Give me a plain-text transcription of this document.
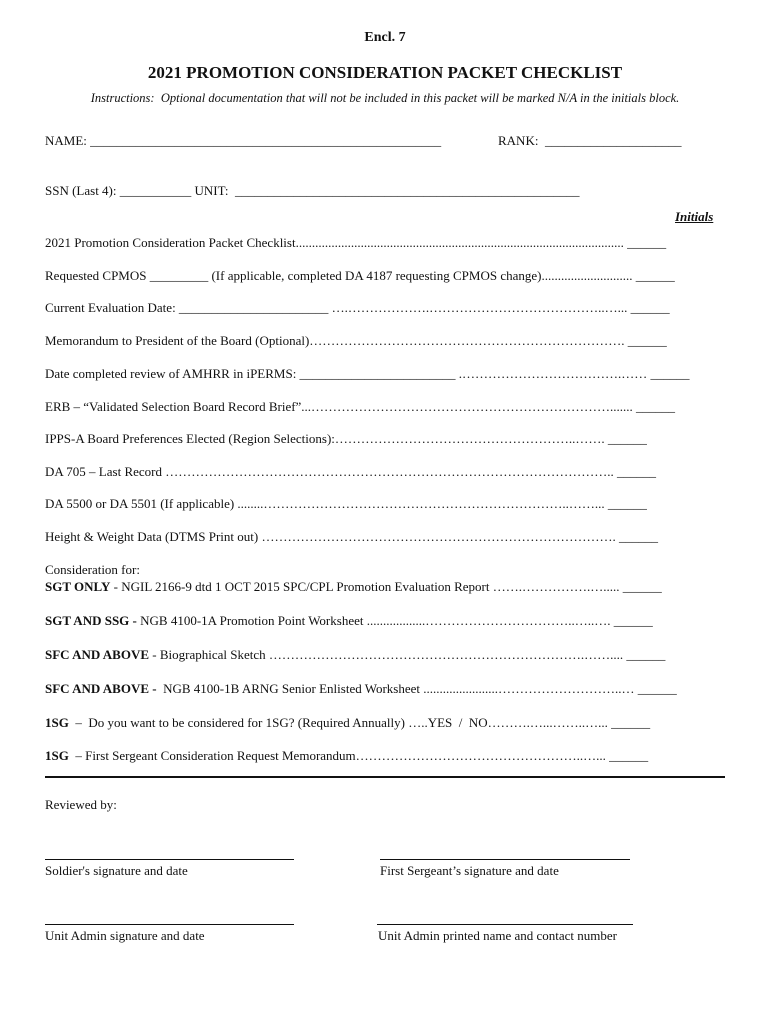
Encl. 7
2021 PROMOTION CONSIDERATION PACKET CHECKLIST
Instructions:  Optional documentation that will not be included in this packet will be marked N/A in the initials block.
NAME: ______________________________________________________	RANK:  _____________________
SSN (Last 4): ___________ UNIT:  _____________________________________________________
Initials
2021 Promotion Consideration Packet Checklist..................................................................................................... ______
Requested CPMOS _________ (If applicable, completed DA 4187 requesting CPMOS change)............................ ______
Current Evaluation Date: _______________________ ….……………….…………………………………..…... ______
Memorandum to President of the Board (Optional)………………………………………………………………. ______
Date completed review of AMHRR in iPERMS: ________________________ .……………………………….…… ______
ERB – “Validated Selection Board Record Brief”...……………………………………………………………....... ______
IPPS-A Board Preferences Elected (Region Selections):………………………………………………..……. ______
DA 705 – Last Record ………………………………………………………………………………………….. ______
DA 5500 or DA 5501 (If applicable) ........……………………………………………………………..……... ______
Height & Weight Data (DTMS Print out) ………………………………………………………………………. ______
Consideration for:
SGT ONLY - NGIL 2166-9 dtd 1 OCT 2015 SPC/CPL Promotion Evaluation Report …….…………….…..... ______
SGT AND SSG - NGB 4100-1A Promotion Point Worksheet ..................……………………………..…..…. ______
SFC AND ABOVE - Biographical Sketch ……………………………………………………………….…….... ______
SFC AND ABOVE -  NGB 4100-1B ARNG Senior Enlisted Worksheet .......................………………………..… ______
1SG  –  Do you want to be considered for 1SG? (Required Annually) …..YES  /  NO……….…...……..…... ______
1SG  – First Sergeant Consideration Request Memorandum……………………………………………..…... ______
Reviewed by:
Soldier's signature and date	First Sergeant’s signature and date
Unit Admin signature and date	Unit Admin printed name and contact number
